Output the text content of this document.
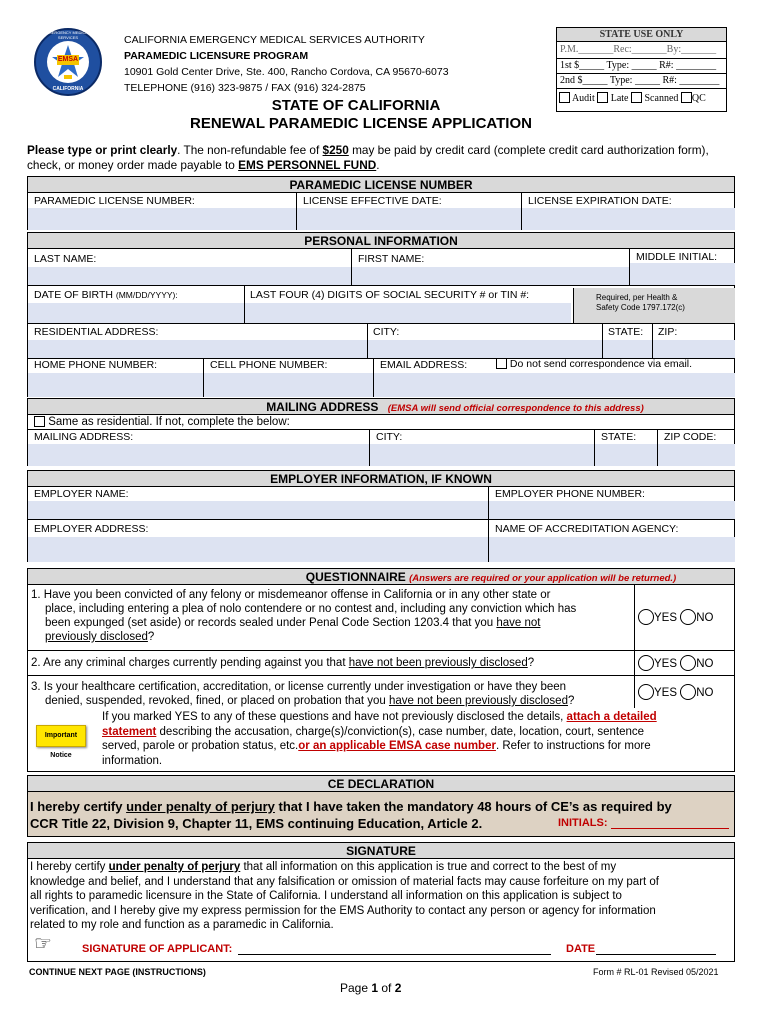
EMSA
EMERGENCY MEDICAL SERVICES
CALIFORNIA
CALIFORNIA EMERGENCY MEDICAL SERVICES AUTHORITY
PARAMEDIC LICENSURE PROGRAM
10901 Gold Center Drive, Ste. 400, Rancho Cordova, CA 95670-6073
TELEPHONE (916) 323-9875 / FAX (916) 324-2875
STATE USE ONLY
P.M._______Rec:_______By:_______
1st $_____ Type: _____ R#: ________
2nd $_____ Type: _____ R#: ________
Audit Late Scanned QC
STATE OF CALIFORNIA
RENEWAL PARAMEDIC LICENSE APPLICATION
Please type or print clearly. The non-refundable fee of $250 may be paid by credit card (complete credit card authorization form), check, or money order made payable to EMS PERSONNEL FUND.
PARAMEDIC LICENSE NUMBER
PARAMEDIC LICENSE NUMBER:	LICENSE EFFECTIVE DATE:	LICENSE EXPIRATION DATE:
PERSONAL INFORMATION
LAST NAME:	FIRST NAME:	MIDDLE INITIAL:
DATE OF BIRTH (MM/DD/YYYY):	LAST FOUR (4) DIGITS OF SOCIAL SECURITY # or TIN #:	Required, per Health &
Safety Code 1797.172(c)
RESIDENTIAL ADDRESS:	CITY:	STATE: ZIP:
HOME PHONE NUMBER:	CELL PHONE NUMBER:	EMAIL ADDRESS:	Do not send correspondence via email.
MAILING ADDRESS (EMSA will send official correspondence to this address)
Same as residential. If not, complete the below:
MAILING ADDRESS:	CITY:	STATE:	ZIP CODE:
EMPLOYER INFORMATION, IF KNOWN
EMPLOYER NAME:	EMPLOYER PHONE NUMBER:
EMPLOYER ADDRESS:	NAME OF ACCREDITATION AGENCY:
QUESTIONNAIRE (Answers are required or your application will be returned.)
1. Have you been convicted of any felony or misdemeanor offense in California or in any other state or
place, including entering a plea of nolo contendere or no contest and, including any conviction which has
been expunged (set aside) or records sealed under Penal Code Section 1203.4 that you have not
previously disclosed?
YES NO
2. Are any criminal charges currently pending against you that have not been previously disclosed?	YES NO
3. Is your healthcare certification, accreditation, or license currently under investigation or have they been
denied, suspended, revoked, fined, or placed on probation that you have not been previously disclosed?
YES NO
Important Notice
If you marked YES to any of these questions and have not previously disclosed the details, attach a detailed
statement describing the accusation, charge(s)/conviction(s), case number, date, location, court, sentence
served, parole or probation status, etc.or an applicable EMSA case number. Refer to instructions for more
information.
CE DECLARATION
I hereby certify under penalty of perjury that I have taken the mandatory 48 hours of CE’s as required by
CCR Title 22, Division 9, Chapter 11, EMS continuing Education, Article 2.	INITIALS:
SIGNATURE
I hereby certify under penalty of perjury that all information on this application is true and correct to the best of my
knowledge and belief, and I understand that any falsification or omission of material facts may cause forfeiture on my part of
all rights to paramedic licensure in the State of California. I understand all information on this application is subject to
verification, and I hereby give my express permission for the EMS Authority to contact any person or agency for information
related to my role and function as a paramedic in California.
☞	SIGNATURE OF APPLICANT:	DATE
CONTINUE NEXT PAGE (INSTRUCTIONS)	Form # RL-01 Revised 05/2021
Page 1 of 2
